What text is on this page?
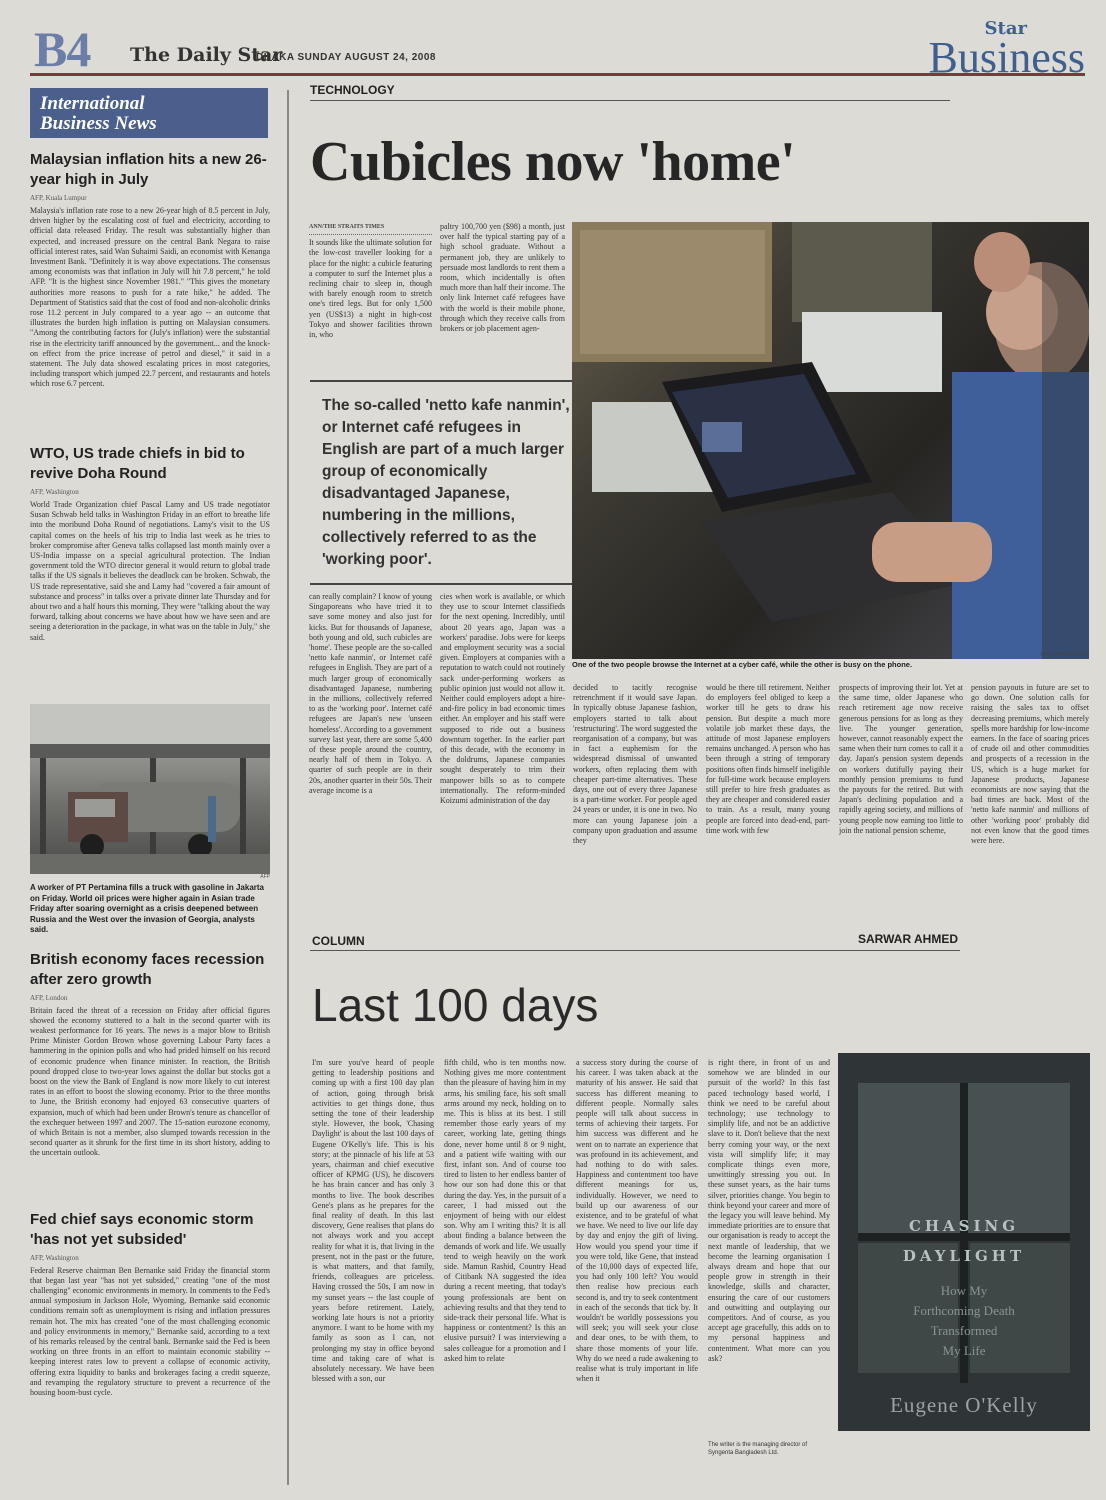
B4 The Daily Star
DHAKA SUNDAY AUGUST 24, 2008
Star
Business
International
Business News
Malaysian inflation hits a new 26-year high in July
AFP, Kuala Lumpur
Malaysia's inflation rate rose to a new 26-year high of 8.5 percent in July, driven higher by the escalating cost of fuel and electricity, according to official data released Friday. The result was substantially higher than expected, and increased pressure on the central Bank Negara to raise official interest rates, said Wan Suhaimi Saidi, an economist with Kenanga Investment Bank. "Definitely it is way above expectations. The consensus among economists was that inflation in July will hit 7.8 percent," he told AFP. "It is the highest since November 1981." "This gives the monetary authorities more reasons to push for a rate hike," he added. The Department of Statistics said that the cost of food and non-alcoholic drinks rose 11.2 percent in July compared to a year ago -- an outcome that illustrates the burden high inflation is putting on Malaysian consumers. "Among the contributing factors for (July's inflation) were the substantial rise in the electricity tariff announced by the government... and the knock-on effect from the price increase of petrol and diesel," it said in a statement. The July data showed escalating prices in most categories, including transport which jumped 22.7 percent, and restaurants and hotels which rose 6.7 percent.
WTO, US trade chiefs in bid to revive Doha Round
AFP, Washington
World Trade Organization chief Pascal Lamy and US trade negotiator Susan Schwab held talks in Washington Friday in an effort to breathe life into the moribund Doha Round of negotiations. Lamy's visit to the US capital comes on the heels of his trip to India last week as he tries to broker compromise after Geneva talks collapsed last month mainly over a US-India impasse on a special agricultural protection. The Indian government told the WTO director general it would return to global trade talks if the US signals it believes the deadlock can be broken. Schwab, the US trade representative, said she and Lamy had "covered a fair amount of substance and process" in talks over a private dinner late Thursday and for about two and a half hours this morning. They were "talking about the way forward, talking about concerns we have about how we have seen and are seeing a deterioration in the package, in what was on the table in July," she said.
AFP
A worker of PT Pertamina fills a truck with gasoline in Jakarta on Friday. World oil prices were higher again in Asian trade Friday after soaring overnight as a crisis deepened between Russia and the West over the invasion of Georgia, analysts said.
British economy faces recession after zero growth
AFP, London
Britain faced the threat of a recession on Friday after official figures showed the economy stuttered to a halt in the second quarter with its weakest performance for 16 years. The news is a major blow to British Prime Minister Gordon Brown whose governing Labour Party faces a hammering in the opinion polls and who had prided himself on his record of economic prudence when finance minister. In reaction, the British pound dropped close to two-year lows against the dollar but stocks got a boost on the view the Bank of England is now more likely to cut interest rates in an effort to boost the slowing economy. Prior to the three months to June, the British economy had enjoyed 63 consecutive quarters of expansion, much of which had been under Brown's tenure as chancellor of the exchequer between 1997 and 2007. The 15-nation eurozone economy, of which Britain is not a member, also slumped towards recession in the second quarter as it shrunk for the first time in its short history, adding to the uncertain outlook.
Fed chief says economic storm 'has not yet subsided'
AFP, Washington
Federal Reserve chairman Ben Bernanke said Friday the financial storm that began last year "has not yet subsided," creating "one of the most challenging" economic environments in memory. In comments to the Fed's annual symposium in Jackson Hole, Wyoming, Bernanke said economic conditions remain soft as unemployment is rising and inflation pressures remain hot. The mix has created "one of the most challenging economic and policy environments in memory," Bernanke said, according to a text of his remarks released by the central bank. Bernanke said the Fed is been working on three fronts in an effort to maintain economic stability -- keeping interest rates low to prevent a collapse of economic activity, offering extra liquidity to banks and brokerages facing a credit squeeze, and revamping the regulatory structure to prevent a recurrence of the housing boom-bust cycle.
TECHNOLOGY
Cubicles now 'home'
ANN/THE STRAITS TIMES
It sounds like the ultimate solution for the low-cost traveller looking for a place for the night: a cubicle featuring a computer to surf the Internet plus a reclining chair to sleep in, though with barely enough room to stretch one's tired legs. But for only 1,500 yen (US$13) a night in high-cost Tokyo and shower facilities thrown in, who
paltry 100,700 yen ($98) a month, just over half the typical starting pay of a high school graduate. Without a permanent job, they are unlikely to persuade most landlords to rent them a room, which incidentally is often much more than half their income. The only link Internet café refugees have with the world is their mobile phone, through which they receive calls from brokers or job placement agen-
The so-called 'netto kafe nanmin', or Internet café refugees in English are part of a much larger group of economically disadvantaged Japanese, numbering in the millions, collectively referred to as the 'working poor'.
can really complain? I know of young Singaporeans who have tried it to save some money and also just for kicks. But for thousands of Japanese, both young and old, such cubicles are 'home'. These people are the so-called 'netto kafe nanmin', or Internet café refugees in English. They are part of a much larger group of economically disadvantaged Japanese, numbering in the millions, collectively referred to as the 'working poor'. Internet café refugees are Japan's new 'unseen homeless'. According to a government survey last year, there are some 5,400 of these people around the country, nearly half of them in Tokyo. A quarter of such people are in their 20s, another quarter in their 50s. Their average income is a
cies when work is available, or which they use to scour Internet classifieds for the next opening. Incredibly, until about 20 years ago, Japan was a workers' paradise. Jobs were for keeps and employment security was a social given. Employers at companies with a reputation to watch could not routinely sack under-performing workers as public opinion just would not allow it. Neither could employers adopt a hire-and-fire policy in bad economic times either. An employer and his staff were supposed to ride out a business downturn together. In the earlier part of this decade, with the economy in the doldrums, Japanese companies sought desperately to trim their manpower bills so as to compete internationally. The reform-minded Koizumi administration of the day
THE STRAITS TIMES
One of the two people browse the Internet at a cyber café, while the other is busy on the phone.
decided to tacitly recognise retrenchment if it would save Japan. In typically obtuse Japanese fashion, employers started to talk about 'restructuring'. The word suggested the reorganisation of a company, but was in fact a euphemism for the widespread dismissal of unwanted workers, often replacing them with cheaper part-time alternatives. These days, one out of every three Japanese is a part-time worker. For people aged 24 years or under, it is one in two. No more can young Japanese join a company upon graduation and assume they
would be there till retirement. Neither do employers feel obliged to keep a worker till he gets to draw his pension. But despite a much more volatile job market these days, the attitude of most Japanese employers remains unchanged. A person who has been through a string of temporary positions often finds himself ineligible for full-time work because employers still prefer to hire fresh graduates as they are cheaper and considered easier to train. As a result, many young people are forced into dead-end, part-time work with few
prospects of improving their lot. Yet at the same time, older Japanese who reach retirement age now receive generous pensions for as long as they live. The younger generation, however, cannot reasonably expect the same when their turn comes to call it a day. Japan's pension system depends on workers dutifully paying their monthly pension premiums to fund the payouts for the retired. But with Japan's declining population and a rapidly ageing society, and millions of young people now earning too little to join the national pension scheme,
pension payouts in future are set to go down. One solution calls for raising the sales tax to offset decreasing premiums, which merely spells more hardship for low-income earners. In the face of soaring prices of crude oil and other commodities and prospects of a recession in the US, which is a huge market for Japanese products, Japanese economists are now saying that the bad times are back. Most of the 'netto kafe nanmin' and millions of other 'working poor' probably did not even know that the good times were here.
COLUMN	SARWAR AHMED
Last 100 days
I'm sure you've heard of people getting to leadership positions and coming up with a first 100 day plan of action, going through brisk activities to get things done, thus setting the tone of their leadership style. However, the book, 'Chasing Daylight' is about the last 100 days of Eugene O'Kelly's life. This is his story; at the pinnacle of his life at 53 years, chairman and chief executive officer of KPMG (US), he discovers he has brain cancer and has only 3 months to live. The book describes Gene's plans as he prepares for the final reality of death. In this last discovery, Gene realises that plans do not always work and you accept reality for what it is, that living in the present, not in the past or the future, is what matters, and that family, friends, colleagues are priceless. Having crossed the 50s, I am now in my sunset years -- the last couple of years before retirement. Lately, working late hours is not a priority anymore. I want to be home with my family as soon as I can, not prolonging my stay in office beyond time and taking care of what is absolutely necessary. We have been blessed with a son, our
fifth child, who is ten months now. Nothing gives me more contentment than the pleasure of having him in my arms, his smiling face, his soft small arms around my neck, holding on to me. This is bliss at its best. I still remember those early years of my career, working late, getting things done, never home until 8 or 9 night, and a patient wife waiting with our first, infant son. And of course too tired to listen to her endless banter of how our son had done this or that during the day. Yes, in the pursuit of a career, I had missed out the enjoyment of being with our eldest son. Why am I writing this? It is all about finding a balance between the demands of work and life. We usually tend to weigh heavily on the work side. Mamun Rashid, Country Head of Citibank NA suggested the idea during a recent meeting, that today's young professionals are bent on achieving results and that they tend to side-track their personal life. What is happiness or contentment? Is this an elusive pursuit? I was interviewing a sales colleague for a promotion and I asked him to relate
a success story during the course of his career. I was taken aback at the maturity of his answer. He said that success has different meaning to different people. Normally sales people will talk about success in terms of achieving their targets. For him success was different and he went on to narrate an experience that was profound in its achievement, and had nothing to do with sales. Happiness and contentment too have different meanings for us, individually. However, we need to build up our awareness of our existence, and to be grateful of what we have. We need to live our life day by day and enjoy the gift of living. How would you spend your time if you were told, like Gene, that instead of the 10,000 days of expected life, you had only 100 left? You would then realise how precious each second is, and try to seek contentment in each of the seconds that tick by. It wouldn't be worldly possessions you will seek; you will seek your close and dear ones, to be with them, to share those moments of your life. Why do we need a rude awakening to realise what is truly important in life when it
is right there, in front of us and somehow we are blinded in our pursuit of the world? In this fast paced technology based world, I think we need to be careful about technology; use technology to simplify life, and not be an addictive slave to it. Don't believe that the next berry coming your way, or the next vista will simplify life; it may complicate things even more, unwittingly stressing you out. In these sunset years, as the hair turns silver, priorities change. You begin to think beyond your career and more of the legacy you will leave behind. My immediate priorities are to ensure that our organisation is ready to accept the next mantle of leadership, that we become the learning organisation I always dream and hope that our people grow in strength in their knowledge, skills and character, ensuring the care of our customers and outwitting and outplaying our competitors. And of course, as you accept age gracefully, this adds on to my personal happiness and contentment. What more can you ask?
The writer is the managing director of Syngenta Bangladesh Ltd.
CHASING
DAYLIGHT
How My
Forthcoming Death
Transformed
My Life
Eugene O'Kelly
